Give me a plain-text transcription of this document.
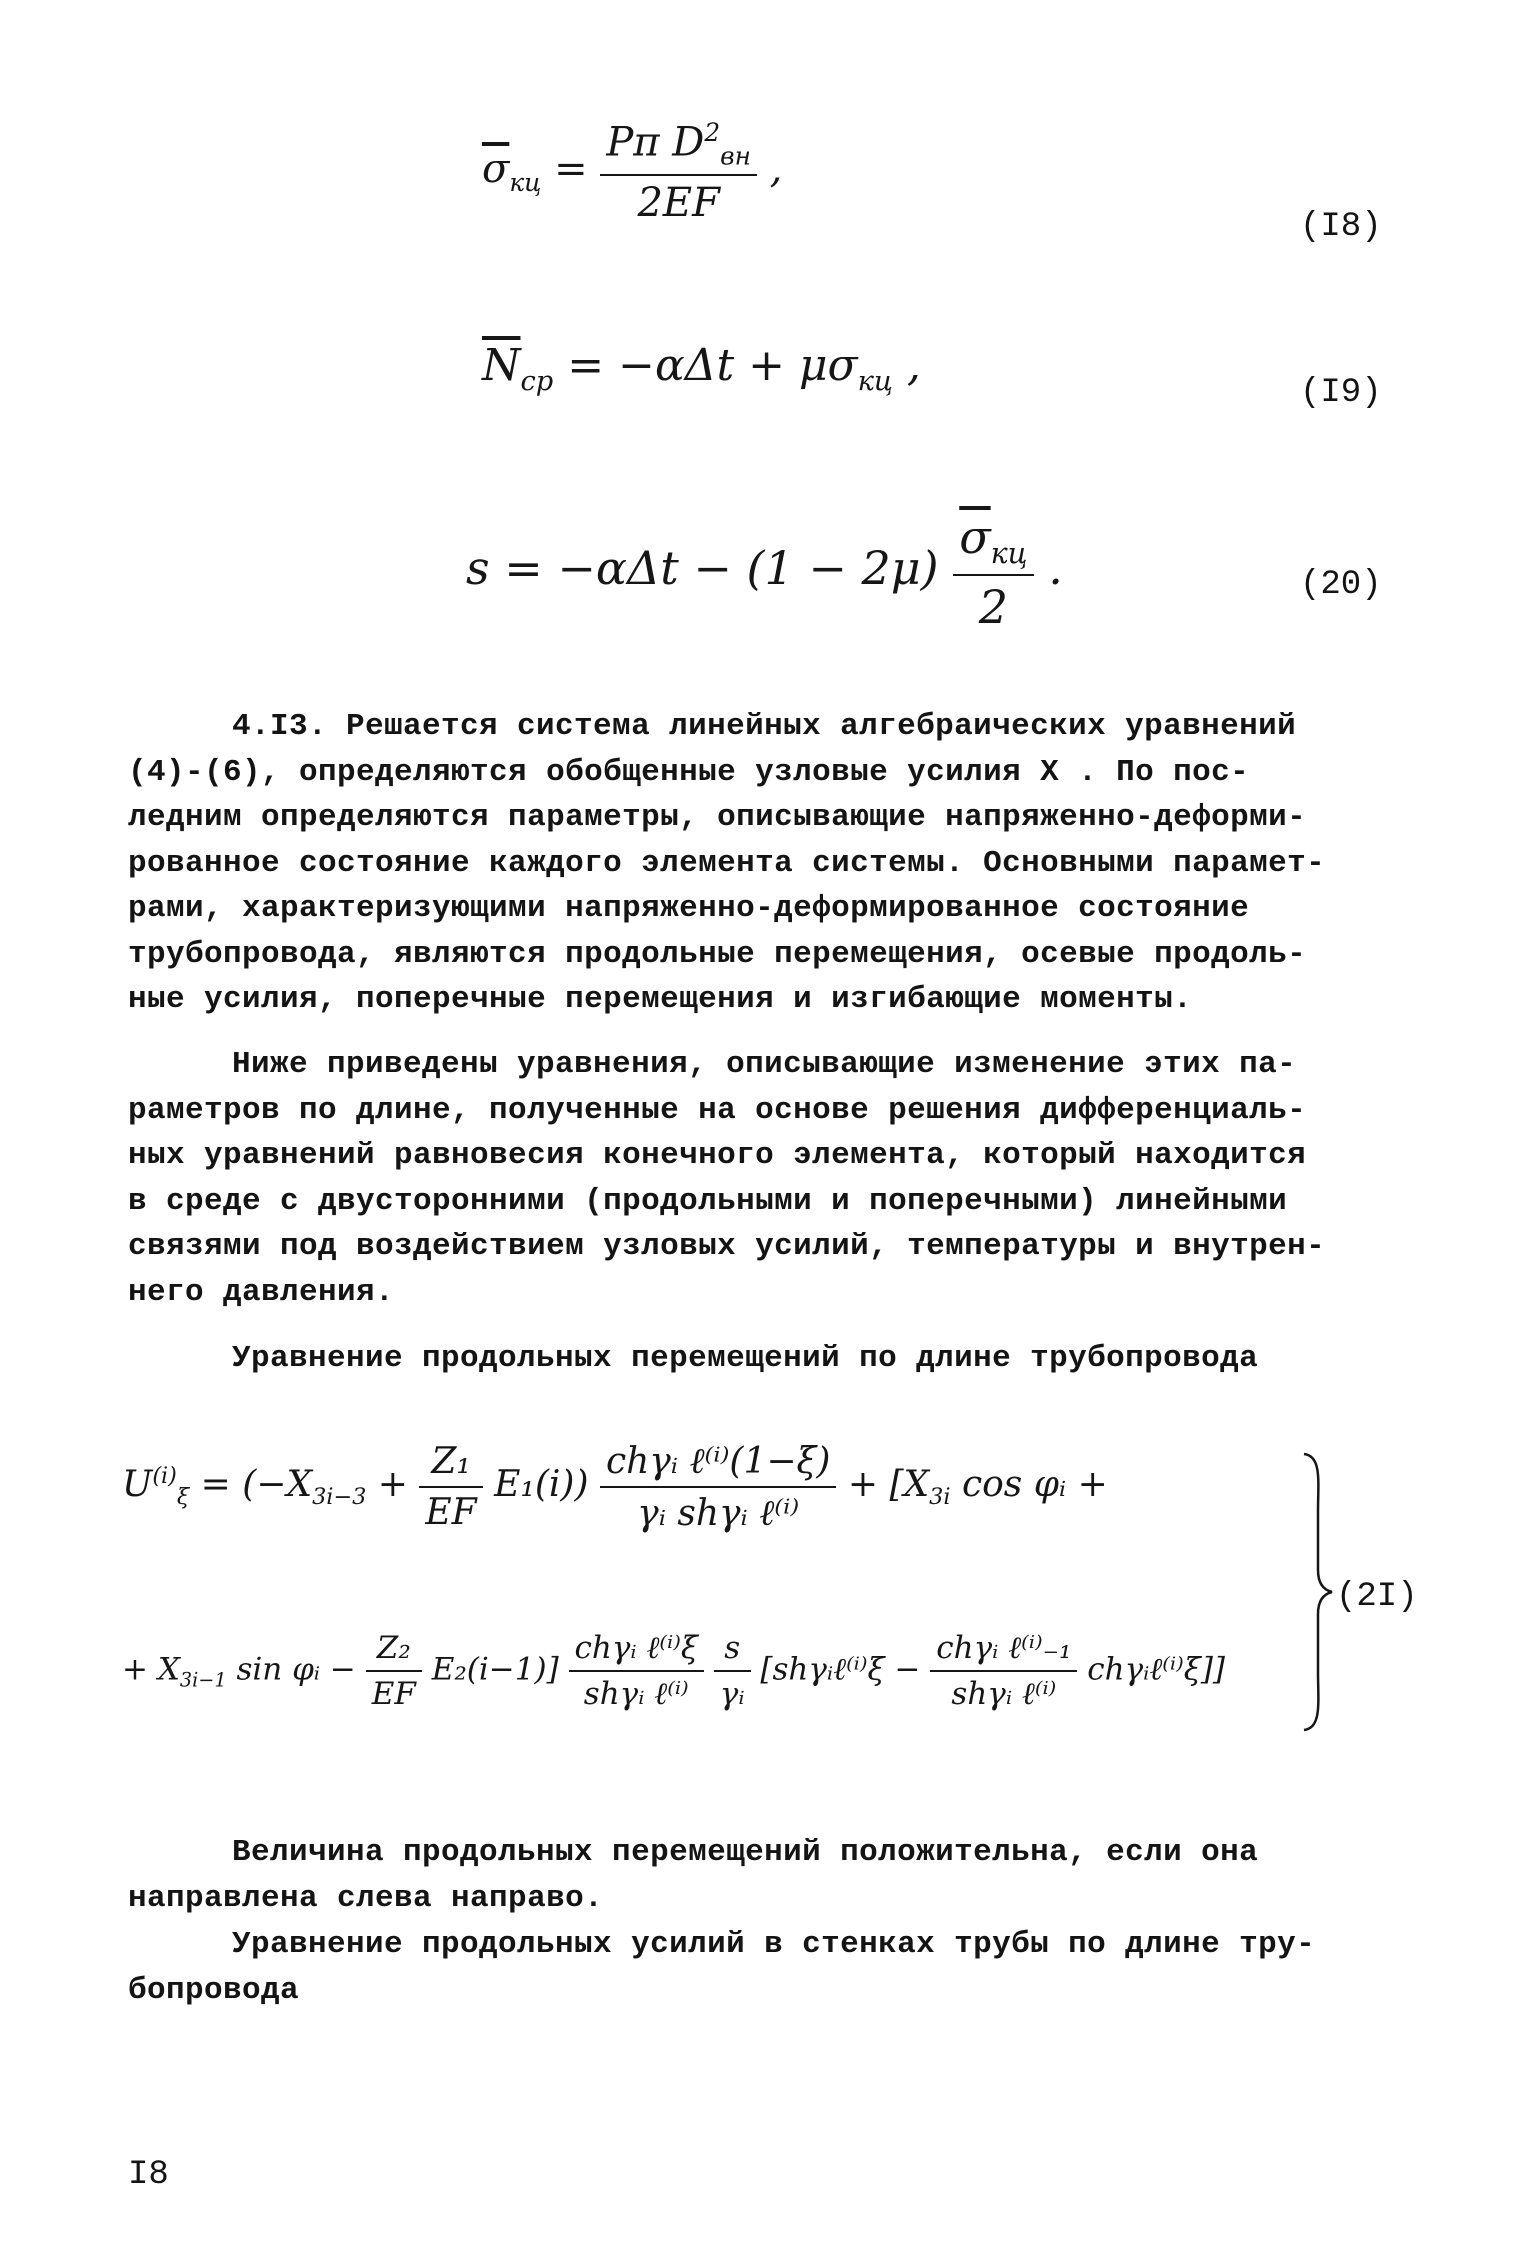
$\overline{\sigma}_{кц} = \frac{P\pi D^2_{вн}}{2EF}$ ,
(I8)
$\overline{N}_{cp} = -\alpha\Delta t + \mu\sigma_{кц}$ ,
(I9)
$s = -\alpha\Delta t - (1 - 2\mu) \frac{\overline{\sigma}_{кц}}{2}$ .	(20)
4.I3. Решается система линейных алгебраических уравнений
(4)-(6), определяются обобщенные узловые усилия X . По пос-
ледним определяются параметры, описывающие напряженно-деформи-
рованное состояние каждого элемента системы. Основными парамет-
рами, характеризующими напряженно-деформированное состояние
трубопровода, являются продольные перемещения, осевые продоль-
ные усилия, поперечные перемещения и изгибающие моменты.
Ниже приведены уравнения, описывающие изменение этих па-
раметров по длине, полученные на основе решения дифференциаль-
ных уравнений равновесия конечного элемента, который находится
в среде с двусторонними (продольными и поперечными) линейными
связями под воздействием узловых усилий, температуры и внутрен-
него давления.
Уравнение продольных перемещений по длине трубопровода
$U^{(i)}_\xi = (-X_{3i-3} + \frac{\text{Z₁}}{EF} E_1(i)) \frac{\text{chγᵢ ℓ⁽ⁱ⁾(1−ξ)}}{\text{γᵢ shγᵢ ℓ⁽ⁱ⁾}} + [X_{3i}$ cos φᵢ +
+ $X_{3i-1}$ sin φᵢ − $\frac{\text{Z₂}}{EF} E_2(i-1)] \frac{\text{chγᵢ ℓ⁽ⁱ⁾ξ}}{\text{shγᵢ ℓ⁽ⁱ⁾}}$
$\frac{s}{\text{γᵢ}}$ [shγᵢℓ⁽ⁱ⁾ξ − $\frac{\text{chγᵢ ℓ⁽ⁱ⁾₋₁}}{\text{shγᵢ ℓ⁽ⁱ⁾}}$ chγᵢℓ⁽ⁱ⁾ξ]]
(2I)
Величина продольных перемещений положительна, если она
направлена слева направо.
Уравнение продольных усилий в стенках трубы по длине тру-
бопровода
I8
